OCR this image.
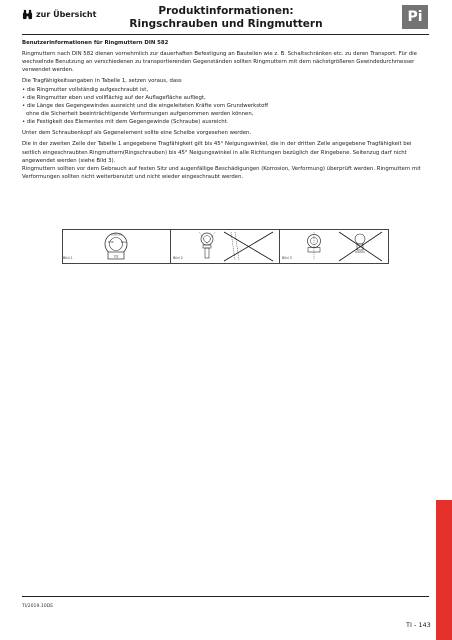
zur Übersicht	Produktinformationen:
Ringschrauben und Ringmuttern	Pi

Benutzerinformationen für Ringmuttern DIN 582

Ringmuttern nach DIN 582 dienen vornehmlich zur dauerhaften Befestigung an Bauteilen wie z. B. Schaltschränken etc. zu deren Transport. Für die wechselnde Benutzung an verschiedenen zu transportierenden Gegenständen sollten Ringmuttern mit dem nächstgrößeren Gewindedurchmesser verwendet werden.

Die Tragfähigkeitsangaben in Tabelle 1, setzen voraus, dass

• die Ringmutter vollständig aufgeschraubt ist,
• die Ringmutter eben und vollflächig auf der Auflagefläche aufliegt,
• die Länge des Gegengewindes ausreicht und die eingeleiteten Kräfte vom Grundwerkstoff
ohne die Sicherheit beeinträchtigende Verformungen aufgenommen werden können,
• die Festigkeit des Elementes mit dem Gegengewinde (Schraube) ausreicht.

Unter dem Schraubenkopf als Gegenelement sollte eine Scheibe vorgesehen werden.

Die in der zweiten Zeile der Tabelle 1 angegebene Tragfähigkeit gilt bis 45° Neigungswinkel, die in der dritten Zeile angegebene Tragfähigkeit bei seitlich eingeschraubten Ringmuttern(Ringschrauben) bis 45° Neigungswinkel in alle Richtungen bezüglich der Ringebene. Seitenzug darf nicht angewendet werden (siehe Bild 3).

Ringmuttern sollten vor dem Gebrauch auf festen Sitz und augenfällige Beschädigungen (Korrosion, Verformung) überprüft werden. Ringmuttern mit Verformungen sollten nicht weiterbenutzt und nicht wieder eingeschraubt werden.

M16
RUD DIN
WLL
CE
Bild 1	Bild 2	Bild 3
TI/2019.10DE
TI - 143
